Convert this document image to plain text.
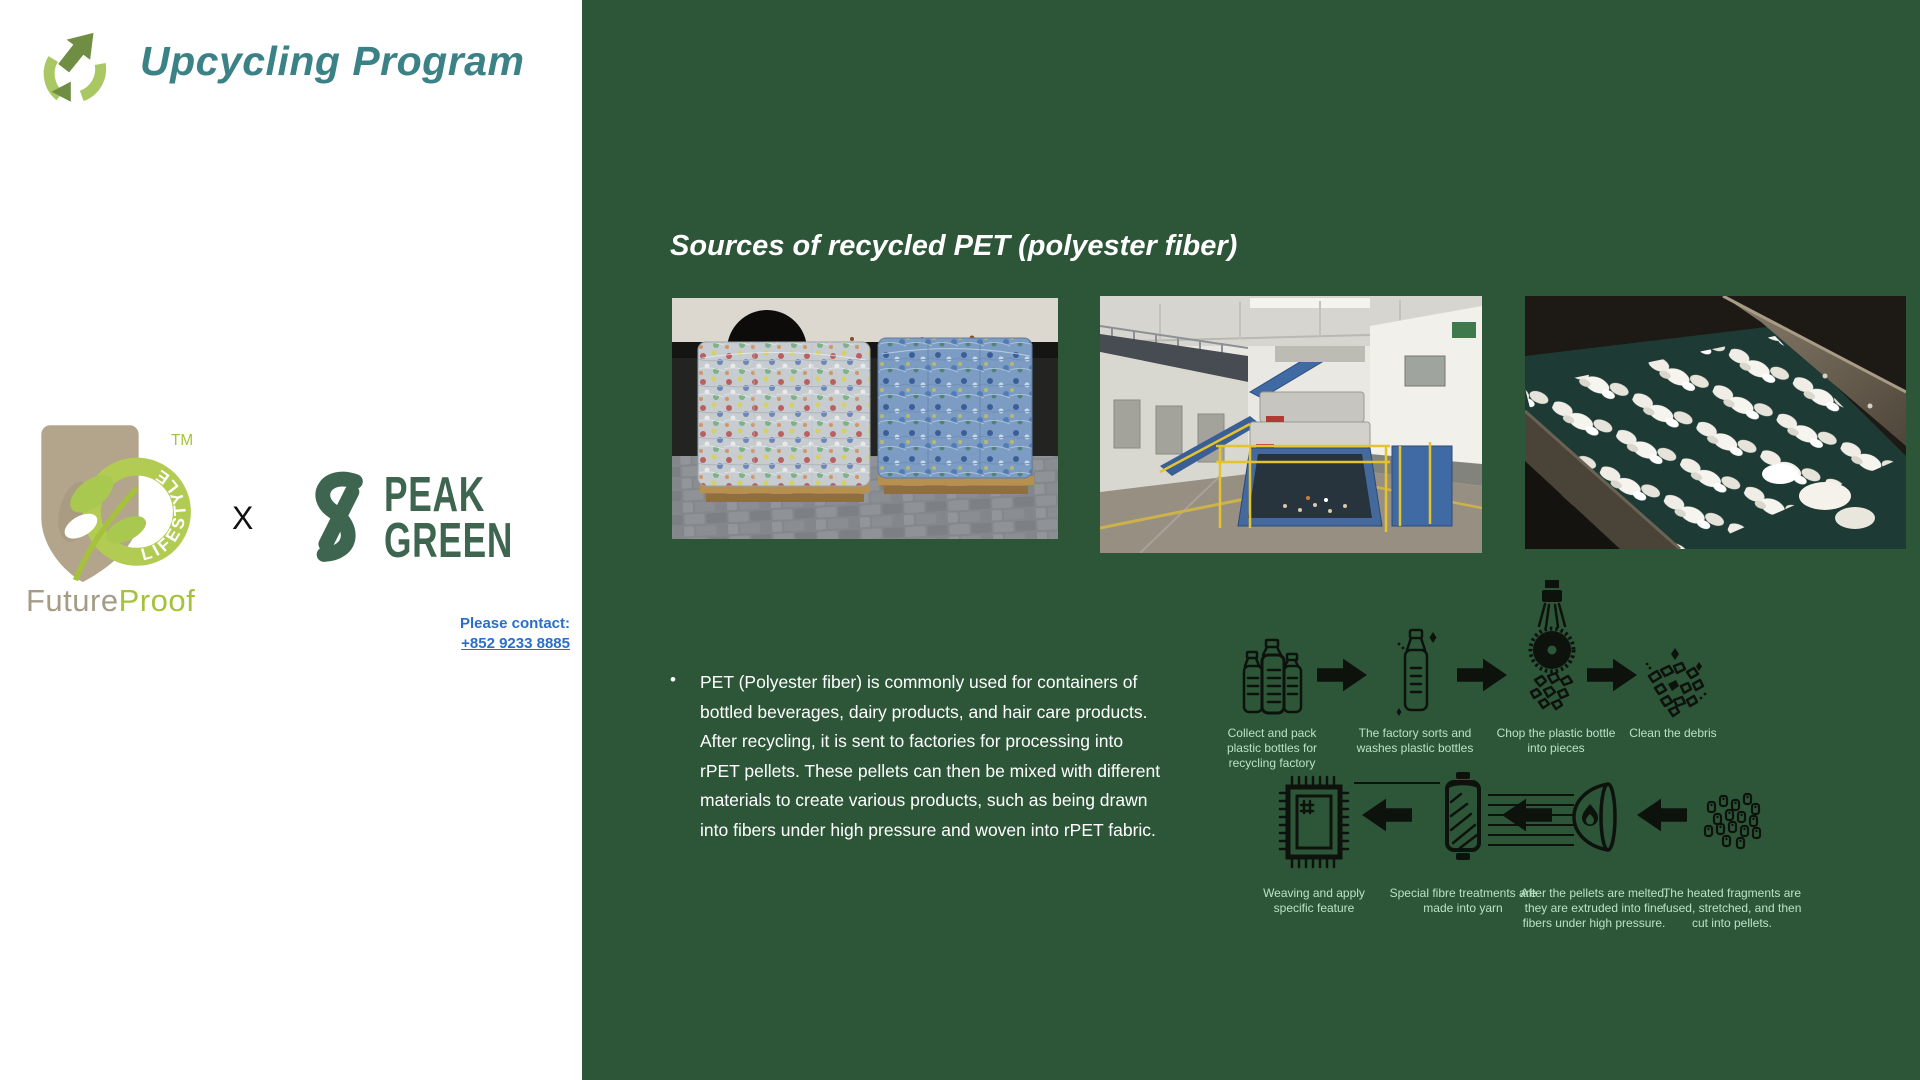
Upcycling Program
LIFESTYLE
TM
FutureProof
X	PEAK
GREEN
Please contact:
+852 9233 8885
Sources of recycled PET (polyester fiber)
•	PET (Polyester fiber) is commonly used for containers of bottled beverages, dairy products, and hair care products. After recycling, it is sent to factories for processing into rPET pellets. These pellets can then be mixed with different materials to create various products, such as being drawn into fibers under high pressure and woven into rPET fabric.
Collect and pack plastic bottles for recycling factory
The factory sorts and washes plastic bottles
Chop the plastic bottle into pieces
Clean the debris
Weaving and apply specific feature
Special fibre treatments are made into yarn
After the pellets are melted, they are extruded into fine fibers under high pressure.
The heated fragments are fused, stretched, and then cut into pellets.
